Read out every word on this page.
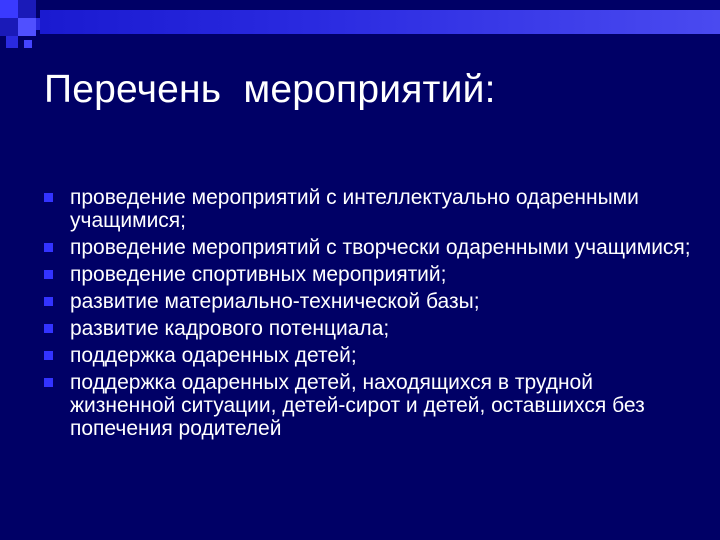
Перечень  мероприятий:
проведение мероприятий с интеллектуально одаренными учащимися;
проведение мероприятий с творчески одаренными учащимися;
проведение спортивных мероприятий;
развитие материально-технической базы;
развитие кадрового потенциала;
поддержка одаренных детей;
поддержка одаренных детей, находящихся в трудной жизненной ситуации, детей-сирот и детей, оставшихся без попечения родителей
